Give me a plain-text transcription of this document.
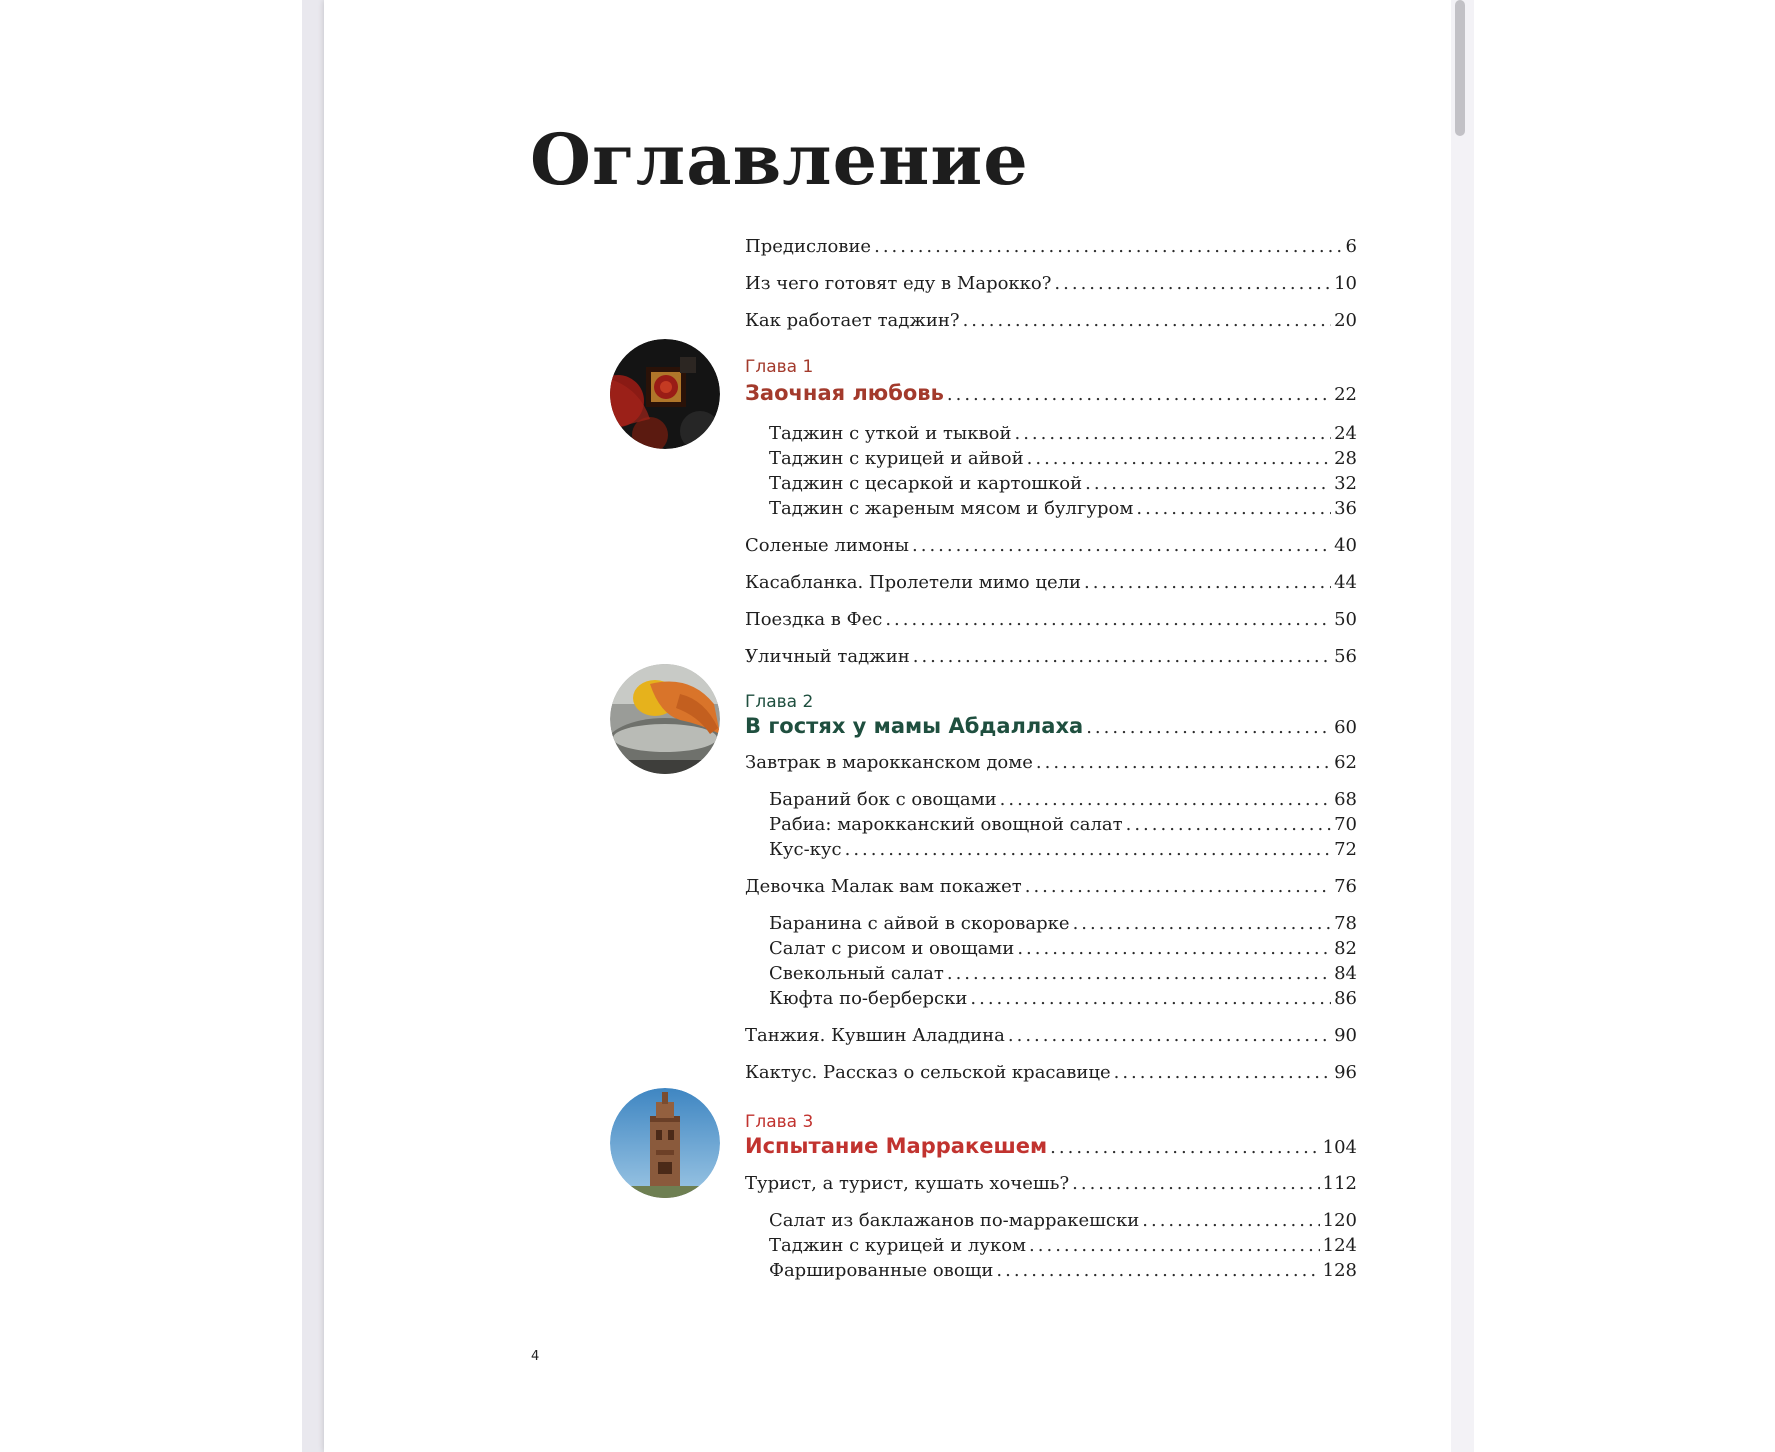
Оглавление
Предисловие .....	6
Из чего готовят еду в Марокко? .....	10
Как работает таджин? .....	20
Глава 1
Заочная любовь .....	22
Таджин с уткой и тыквой .....	24
Таджин с курицей и айвой .....	28
Таджин с цесаркой и картошкой .....	32
Таджин с жареным мясом и булгуром .....	36
Соленые лимоны .....	40
Касабланка. Пролетели мимо цели .....	44
Поездка в Фес .....	50
Уличный таджин .....	56
Глава 2
В гостях у мамы Абдаллаха .....	60
Завтрак в марокканском доме .....	62
Бараний бок с овощами .....	68
Рабиа: марокканский овощной салат .....	70
Кус-кус .....	72
Девочка Малак вам покажет .....	76
Баранина с айвой в скороварке .....	78
Салат с рисом и овощами .....	82
Свекольный салат .....	84
Кюфта по-берберски .....	86
Танжия. Кувшин Аладдина .....	90
Кактус. Рассказ о сельской красавице .....	96
Глава 3
Испытание Марракешем .....	104
Турист, а турист, кушать хочешь? .....	112
Салат из баклажанов по-марракешски .....	120
Таджин с курицей и луком .....	124
Фаршированные овощи .....	128
4
